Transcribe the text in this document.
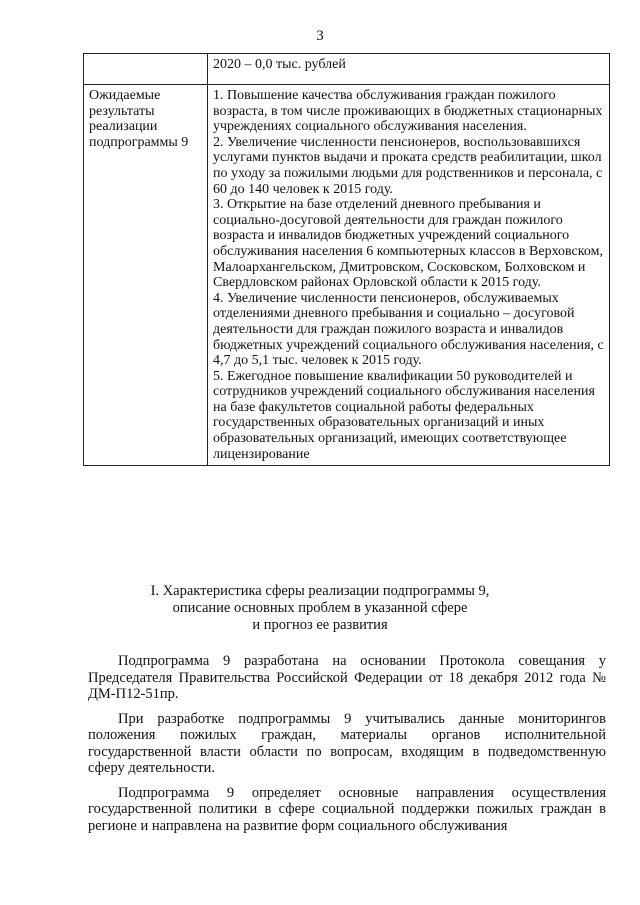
3
	2020 – 0,0 тыс. рублей
Ожидаемые результаты реализации подпрограммы 9	1. Повышение качества обслуживания граждан пожилого возраста, в том числе проживающих в бюджетных стационарных учреждениях социального обслуживания населения.
2. Увеличение численности пенсионеров, воспользовавшихся услугами пунктов выдачи и проката средств реабилитации, школ по уходу за пожилыми людьми для родственников и персонала, с 60 до 140 человек к 2015 году.
3. Открытие на базе отделений дневного пребывания и социально-досуговой деятельности для граждан пожилого возраста и инвалидов бюджетных учреждений социального обслуживания населения 6 компьютерных классов в Верховском, Малоархангельском, Дмитровском, Сосковском, Болховском и Свердловском районах Орловской области к 2015 году.
4. Увеличение численности пенсионеров, обслуживаемых отделениями дневного пребывания и социально – досуговой деятельности для граждан пожилого возраста и инвалидов бюджетных учреждений социального обслуживания населения, с 4,7 до 5,1 тыс. человек к 2015 году.
5. Ежегодное повышение квалификации 50 руководителей и сотрудников учреждений социального обслуживания населения на базе факультетов социальной работы федеральных государственных образовательных организаций и иных образовательных организаций, имеющих соответствующее лицензирование
I. Характеристика сферы реализации подпрограммы 9,
описание основных проблем в указанной сфере
и прогноз ее развития

Подпрограмма 9 разработана на основании Протокола совещания у Председателя Правительства Российской Федерации от 18 декабря 2012 года № ДМ-П12-51пр.

При разработке подпрограммы 9 учитывались данные мониторингов положения пожилых граждан, материалы органов исполнительной государственной власти области по вопросам, входящим в подведомственную сферу деятельности.

Подпрограмма 9 определяет основные направления осуществления государственной политики в сфере социальной поддержки пожилых граждан в регионе и направлена на развитие форм социального обслуживания
